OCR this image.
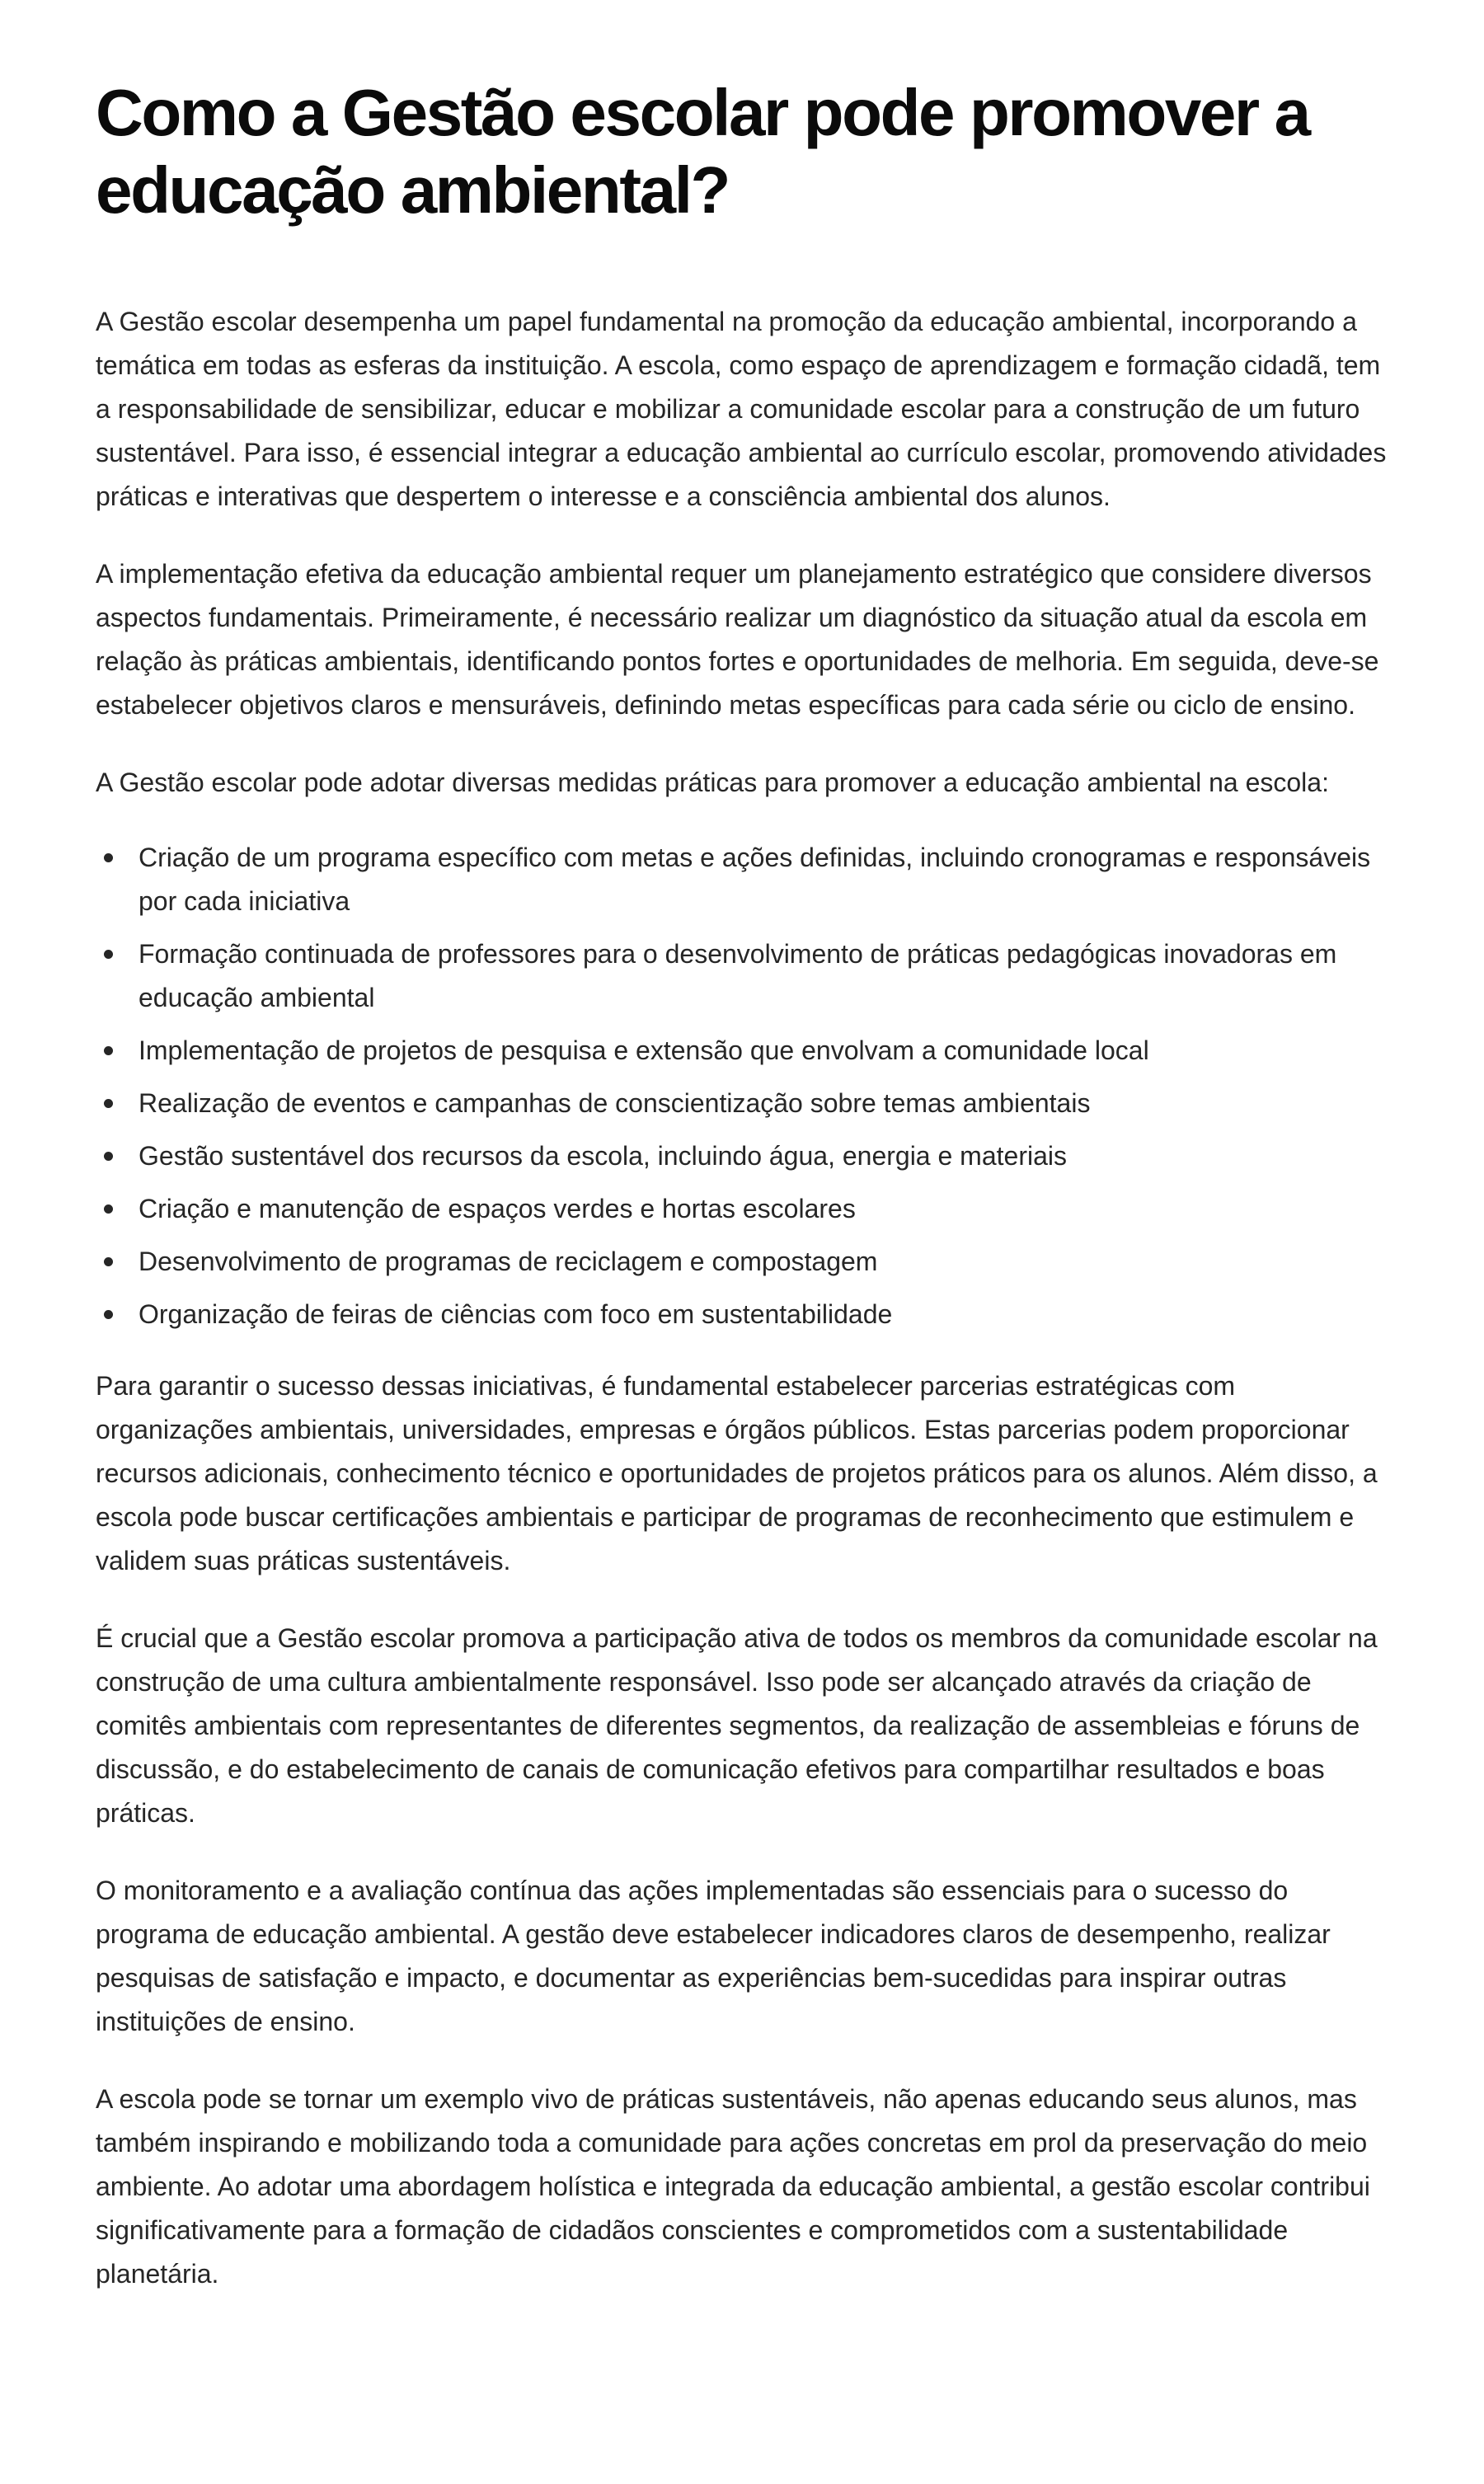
Como a Gestão escolar pode promover a educação ambiental?

A Gestão escolar desempenha um papel fundamental na promoção da educação ambiental, incorporando a temática em todas as esferas da instituição. A escola, como espaço de aprendizagem e formação cidadã, tem a responsabilidade de sensibilizar, educar e mobilizar a comunidade escolar para a construção de um futuro sustentável. Para isso, é essencial integrar a educação ambiental ao currículo escolar, promovendo atividades práticas e interativas que despertem o interesse e a consciência ambiental dos alunos.

A implementação efetiva da educação ambiental requer um planejamento estratégico que considere diversos aspectos fundamentais. Primeiramente, é necessário realizar um diagnóstico da situação atual da escola em relação às práticas ambientais, identificando pontos fortes e oportunidades de melhoria. Em seguida, deve-se estabelecer objetivos claros e mensuráveis, definindo metas específicas para cada série ou ciclo de ensino.

A Gestão escolar pode adotar diversas medidas práticas para promover a educação ambiental na escola:

Criação de um programa específico com metas e ações definidas, incluindo cronogramas e responsáveis por cada iniciativa
Formação continuada de professores para o desenvolvimento de práticas pedagógicas inovadoras em educação ambiental
Implementação de projetos de pesquisa e extensão que envolvam a comunidade local
Realização de eventos e campanhas de conscientização sobre temas ambientais
Gestão sustentável dos recursos da escola, incluindo água, energia e materiais
Criação e manutenção de espaços verdes e hortas escolares
Desenvolvimento de programas de reciclagem e compostagem
Organização de feiras de ciências com foco em sustentabilidade

Para garantir o sucesso dessas iniciativas, é fundamental estabelecer parcerias estratégicas com organizações ambientais, universidades, empresas e órgãos públicos. Estas parcerias podem proporcionar recursos adicionais, conhecimento técnico e oportunidades de projetos práticos para os alunos. Além disso, a escola pode buscar certificações ambientais e participar de programas de reconhecimento que estimulem e validem suas práticas sustentáveis.

É crucial que a Gestão escolar promova a participação ativa de todos os membros da comunidade escolar na construção de uma cultura ambientalmente responsável. Isso pode ser alcançado através da criação de comitês ambientais com representantes de diferentes segmentos, da realização de assembleias e fóruns de discussão, e do estabelecimento de canais de comunicação efetivos para compartilhar resultados e boas práticas.

O monitoramento e a avaliação contínua das ações implementadas são essenciais para o sucesso do programa de educação ambiental. A gestão deve estabelecer indicadores claros de desempenho, realizar pesquisas de satisfação e impacto, e documentar as experiências bem-sucedidas para inspirar outras instituições de ensino.

A escola pode se tornar um exemplo vivo de práticas sustentáveis, não apenas educando seus alunos, mas também inspirando e mobilizando toda a comunidade para ações concretas em prol da preservação do meio ambiente. Ao adotar uma abordagem holística e integrada da educação ambiental, a gestão escolar contribui significativamente para a formação de cidadãos conscientes e comprometidos com a sustentabilidade planetária.
